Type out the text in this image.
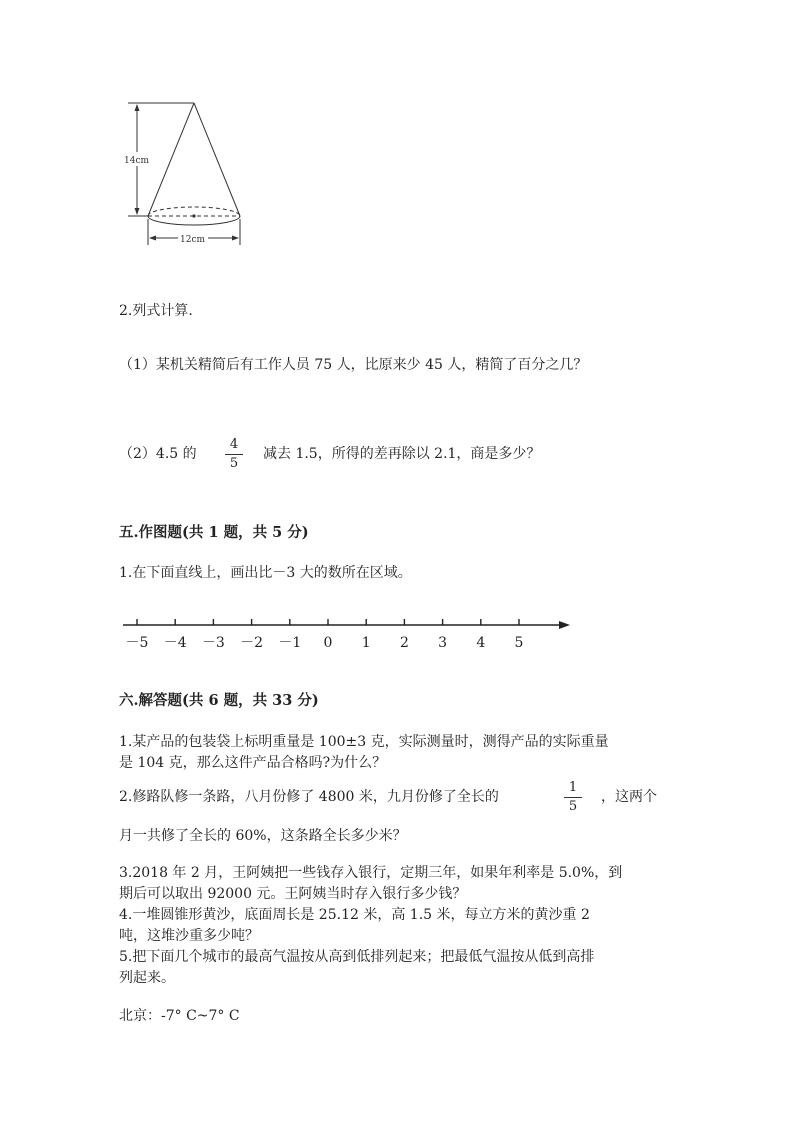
14cm
12cm
2.列式计算.
（1）某机关精简后有工作人员 75 人，比原来少 45 人，精简了百分之几？
（2）4.5 的
4
5
减去 1.5，所得的差再除以 2.1，商是多少？
五.作图题(共 1 题，共 5 分)
1.在下面直线上，画出比－3 大的数所在区域。
－5 －4 －3 －2 －1 0 1 2 3 4 5
六.解答题(共 6 题，共 33 分)
1.某产品的包装袋上标明重量是 100±3 克，实际测量时，测得产品的实际重量
是 104 克，那么这件产品合格吗?为什么？
2.修路队修一条路，八月份修了 4800 米，九月份修了全长的
1
5
，这两个
月一共修了全长的 60%，这条路全长多少米？
3.2018 年 2 月，王阿姨把一些钱存入银行，定期三年，如果年利率是 5.0%，到
期后可以取出 92000 元。王阿姨当时存入银行多少钱？
4.一堆圆锥形黄沙，底面周长是 25.12 米，高 1.5 米，每立方米的黄沙重 2
吨，这堆沙重多少吨？
5.把下面几个城市的最高气温按从高到低排列起来；把最低气温按从低到高排
列起来。
北京：-7° C~7° C
